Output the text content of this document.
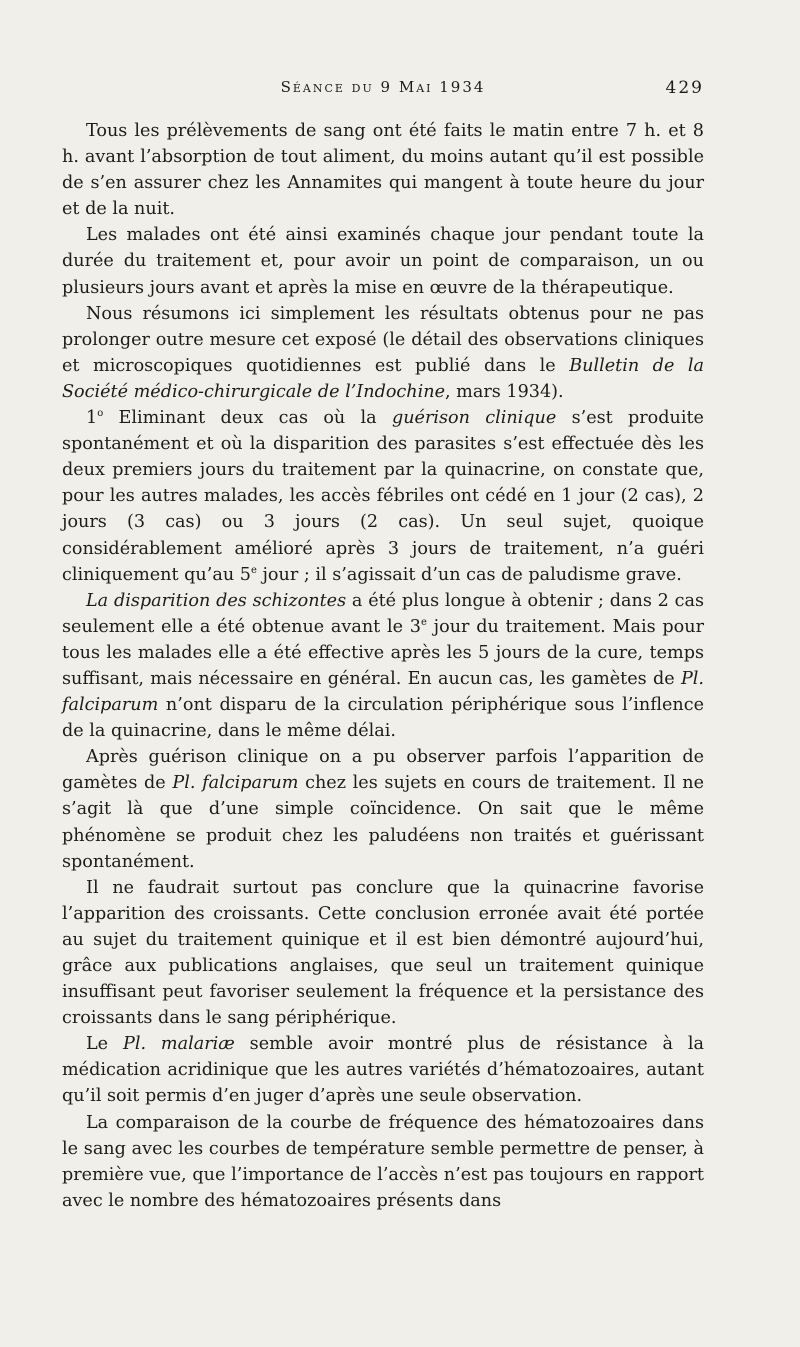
Séance du 9 Mai 1934	429

Tous les prélèvements de sang ont été faits le matin entre 7 h. et 8 h. avant l’absorption de tout aliment, du moins autant qu’il est possible de s’en assurer chez les Annamites qui mangent à toute heure du jour et de la nuit.

Les malades ont été ainsi examinés chaque jour pendant toute la durée du traitement et, pour avoir un point de comparaison, un ou plusieurs jours avant et après la mise en œuvre de la thérapeutique.

Nous résumons ici simplement les résultats obtenus pour ne pas prolonger outre mesure cet exposé (le détail des observations cliniques et microscopiques quotidiennes est publié dans le Bulletin de la Société médico-chirurgicale de l’Indochine, mars 1934).

1$^o$ Eliminant deux cas où la guérison clinique s’est produite spontanément et où la disparition des parasites s’est effectuée dès les deux premiers jours du traitement par la quinacrine, on constate que, pour les autres malades, les accès fébriles ont cédé en 1 jour (2 cas), 2 jours (3 cas) ou 3 jours (2 cas). Un seul sujet, quoique considérablement amélioré après 3 jours de traitement, n’a guéri cliniquement qu’au 5e jour ; il s’agissait d’un cas de paludisme grave.

La disparition des schizontes a été plus longue à obtenir ; dans 2 cas seulement elle a été obtenue avant le 3e jour du traitement. Mais pour tous les malades elle a été effective après les 5 jours de la cure, temps suffisant, mais nécessaire en général. En aucun cas, les gamètes de Pl. falciparum n’ont disparu de la circulation périphérique sous l’inflence de la quinacrine, dans le même délai.

Après guérison clinique on a pu observer parfois l’apparition de gamètes de Pl. falciparum chez les sujets en cours de traitement. Il ne s’agit là que d’une simple coïncidence. On sait que le même phénomène se produit chez les paludéens non traités et guérissant spontanément.

Il ne faudrait surtout pas conclure que la quinacrine favorise l’apparition des croissants. Cette conclusion erronée avait été portée au sujet du traitement quinique et il est bien démontré aujourd’hui, grâce aux publications anglaises, que seul un traitement quinique insuffisant peut favoriser seulement la fréquence et la persistance des croissants dans le sang périphérique.

Le Pl. malariæ semble avoir montré plus de résistance à la médication acridinique que les autres variétés d’hématozoaires, autant qu’il soit permis d’en juger d’après une seule observation.

La comparaison de la courbe de fréquence des hématozoaires dans le sang avec les courbes de température semble permettre de penser, à première vue, que l’importance de l’accès n’est pas toujours en rapport avec le nombre des hématozoaires présents dans
